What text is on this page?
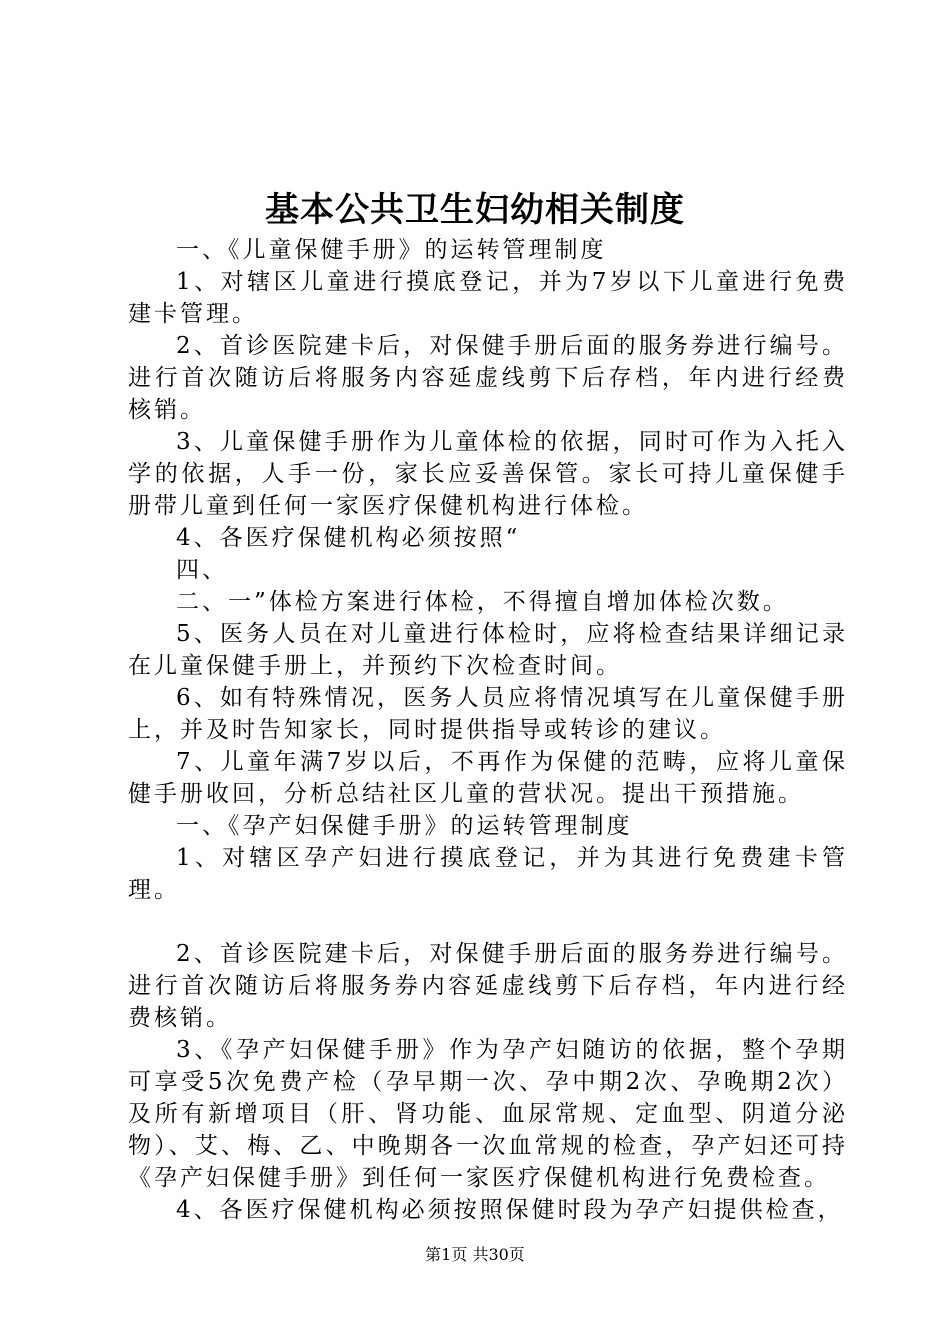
基本公共卫生妇幼相关制度

一、《儿童保健手册》的运转管理制度

1、对辖区儿童进行摸底登记，并为7岁以下儿童进行免费建卡管理。

2、首诊医院建卡后，对保健手册后面的服务券进行编号。进行首次随访后将服务内容延虚线剪下后存档，年内进行经费核销。

3、儿童保健手册作为儿童体检的依据，同时可作为入托入学的依据，人手一份，家长应妥善保管。家长可持儿童保健手册带儿童到任何一家医疗保健机构进行体检。

4、各医疗保健机构必须按照“

四、

二、一”体检方案进行体检，不得擅自增加体检次数。

5、医务人员在对儿童进行体检时，应将检查结果详细记录在儿童保健手册上，并预约下次检查时间。

6、如有特殊情况，医务人员应将情况填写在儿童保健手册上，并及时告知家长，同时提供指导或转诊的建议。

7、儿童年满7岁以后，不再作为保健的范畴，应将儿童保健手册收回，分析总结社区儿童的营状况。提出干预措施。

一、《孕产妇保健手册》的运转管理制度

1、对辖区孕产妇进行摸底登记，并为其进行免费建卡管理。

2、首诊医院建卡后，对保健手册后面的服务券进行编号。进行首次随访后将服务券内容延虚线剪下后存档，年内进行经费核销。

3、《孕产妇保健手册》作为孕产妇随访的依据，整个孕期可享受5次免费产检（孕早期一次、孕中期2次、孕晚期2次）及所有新增项目（肝、肾功能、血尿常规、定血型、阴道分泌物）、艾、梅、乙、中晚期各一次血常规的检查，孕产妇还可持《孕产妇保健手册》到任何一家医疗保健机构进行免费检查。

4、各医疗保健机构必须按照保健时段为孕产妇提供检查，

第1页 共30页
